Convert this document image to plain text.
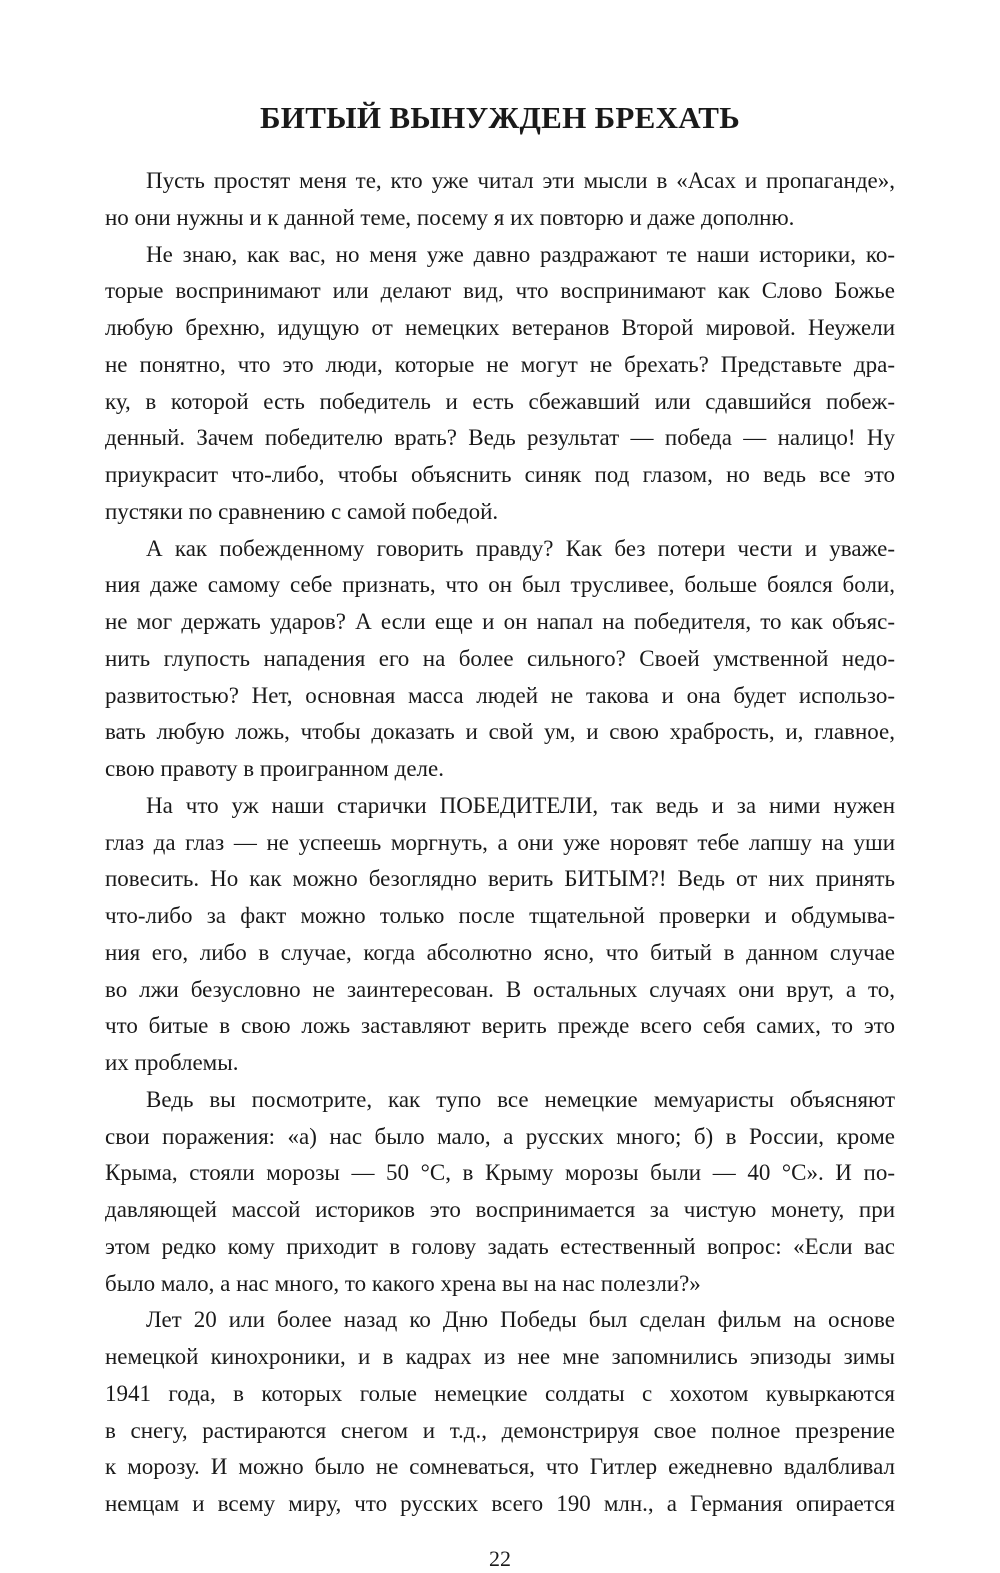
БИТЫЙ ВЫНУЖДЕН БРЕХАТЬ
Пусть простят меня те, кто уже читал эти мысли в «Асах и пропаганде»,
но они нужны и к данной теме, посему я их повторю и даже дополню.
Не знаю, как вас, но меня уже давно раздражают те наши историки, ко-
торые воспринимают или делают вид, что воспринимают как Слово Божье
любую брехню, идущую от немецких ветеранов Второй мировой. Неужели
не понятно, что это люди, которые не могут не брехать? Представьте дра-
ку, в которой есть победитель и есть сбежавший или сдавшийся побеж-
денный. Зачем победителю врать? Ведь результат — победа — налицо! Ну
приукрасит что-либо, чтобы объяснить синяк под глазом, но ведь все это
пустяки по сравнению с самой победой.
А как побежденному говорить правду? Как без потери чести и уваже-
ния даже самому себе признать, что он был трусливее, больше боялся боли,
не мог держать ударов? А если еще и он напал на победителя, то как объяс-
нить глупость нападения его на более сильного? Своей умственной недо-
развитостью? Нет, основная масса людей не такова и она будет использо-
вать любую ложь, чтобы доказать и свой ум, и свою храбрость, и, главное,
свою правоту в проигранном деле.
На что уж наши старички ПОБЕДИТЕЛИ, так ведь и за ними нужен
глаз да глаз — не успеешь моргнуть, а они уже норовят тебе лапшу на уши
повесить. Но как можно безоглядно верить БИТЫМ?! Ведь от них принять
что-либо за факт можно только после тщательной проверки и обдумыва-
ния его, либо в случае, когда абсолютно ясно, что битый в данном случае
во лжи безусловно не заинтересован. В остальных случаях они врут, а то,
что битые в свою ложь заставляют верить прежде всего себя самих, то это
их проблемы.
Ведь вы посмотрите, как тупо все немецкие мемуаристы объясняют
свои поражения: «а) нас было мало, а русских много; б) в России, кроме
Крыма, стояли морозы — 50 °С, в Крыму морозы были — 40 °С». И по-
давляющей массой историков это воспринимается за чистую монету, при
этом редко кому приходит в голову задать естественный вопрос: «Если вас
было мало, а нас много, то какого хрена вы на нас полезли?»
Лет 20 или более назад ко Дню Победы был сделан фильм на основе
немецкой кинохроники, и в кадрах из нее мне запомнились эпизоды зимы
1941 года, в которых голые немецкие солдаты с хохотом кувыркаются
в снегу, растираются снегом и т.д., демонстрируя свое полное презрение
к морозу. И можно было не сомневаться, что Гитлер ежедневно вдалбливал
немцам и всему миру, что русских всего 190 млн., а Германия опирается
22
